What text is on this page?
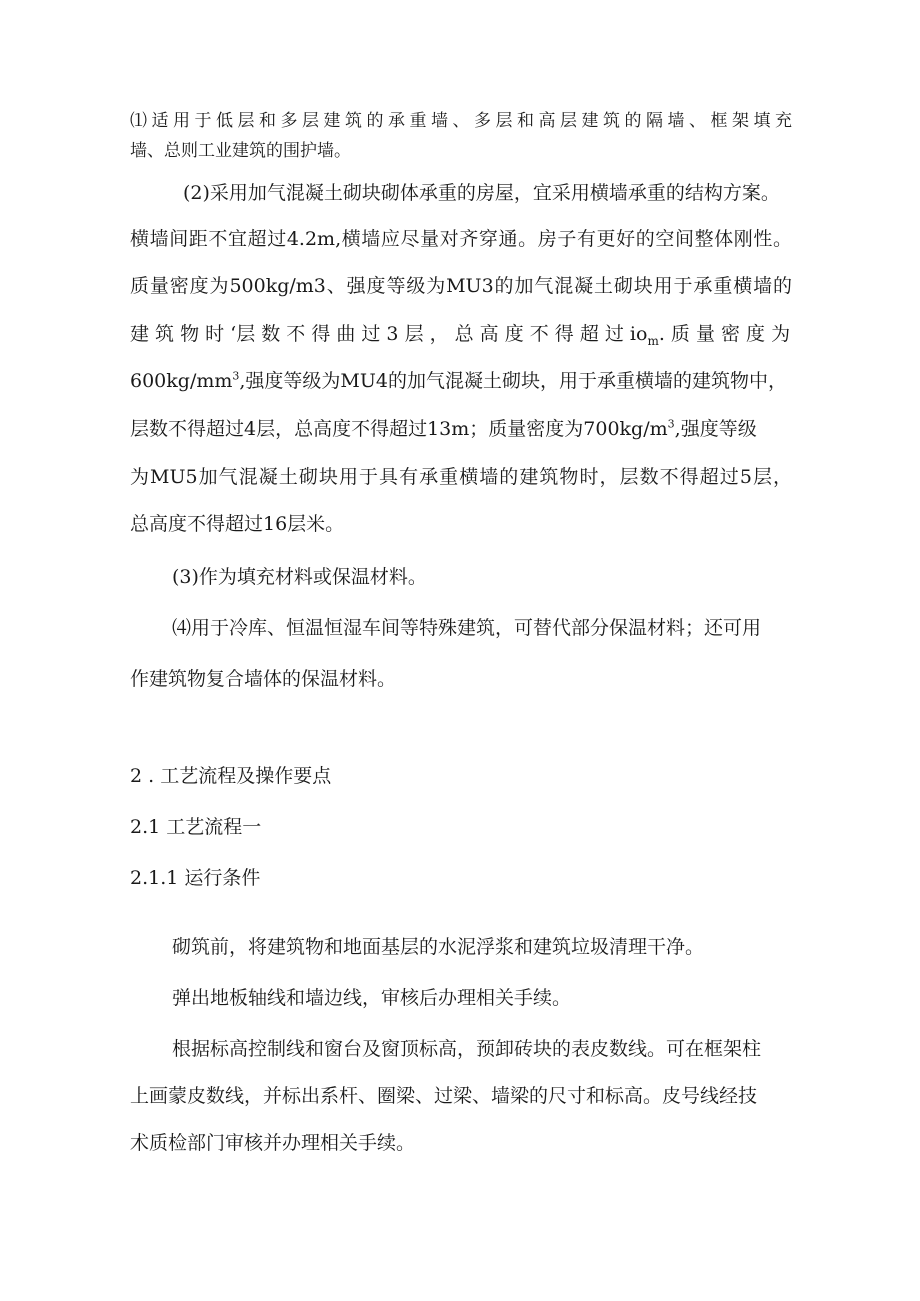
⑴适用于低层和多层建筑的承重墙、多层和高层建筑的隔墙、框架填充

墙、总则工业建筑的围护墙。

(2)采用加气混凝土砌块砌体承重的房屋，宜采用横墙承重的结构方案。

横墙间距不宜超过4.2m,横墙应尽量对齐穿通。房子有更好的空间整体刚性。

质量密度为500kg∕m3、强度等级为MU3的加气混凝土砌块用于承重横墙的

建 筑 物 时 ‘层 数 不 得 曲 过 3 层 ， 总 高 度 不 得 超 过 $io_m$. 质 量 密 度 为

$600kg/mm^3$,强度等级为MU4的加气混凝土砌块，用于承重横墙的建筑物中，

层数不得超过4层，总高度不得超过13m；质量密度为$700kg/m^3$,强度等级

为MU5加气混凝土砌块用于具有承重横墙的建筑物时，层数不得超过5层，

总高度不得超过16层米。

(3)作为填充材料或保温材料。

⑷用于冷库、恒温恒湿车间等特殊建筑，可替代部分保温材料；还可用

作建筑物复合墙体的保温材料。

2 . 工艺流程及操作要点

2.1 工艺流程一

2.1.1 运行条件

砌筑前，将建筑物和地面基层的水泥浮浆和建筑垃圾清理干净。

弹出地板轴线和墙边线，审核后办理相关手续。

根据标高控制线和窗台及窗顶标高，预卸砖块的表皮数线。可在框架柱

上画蒙皮数线，并标出系杆、圈梁、过梁、墙梁的尺寸和标高。皮号线经技

术质检部门审核并办理相关手续。
